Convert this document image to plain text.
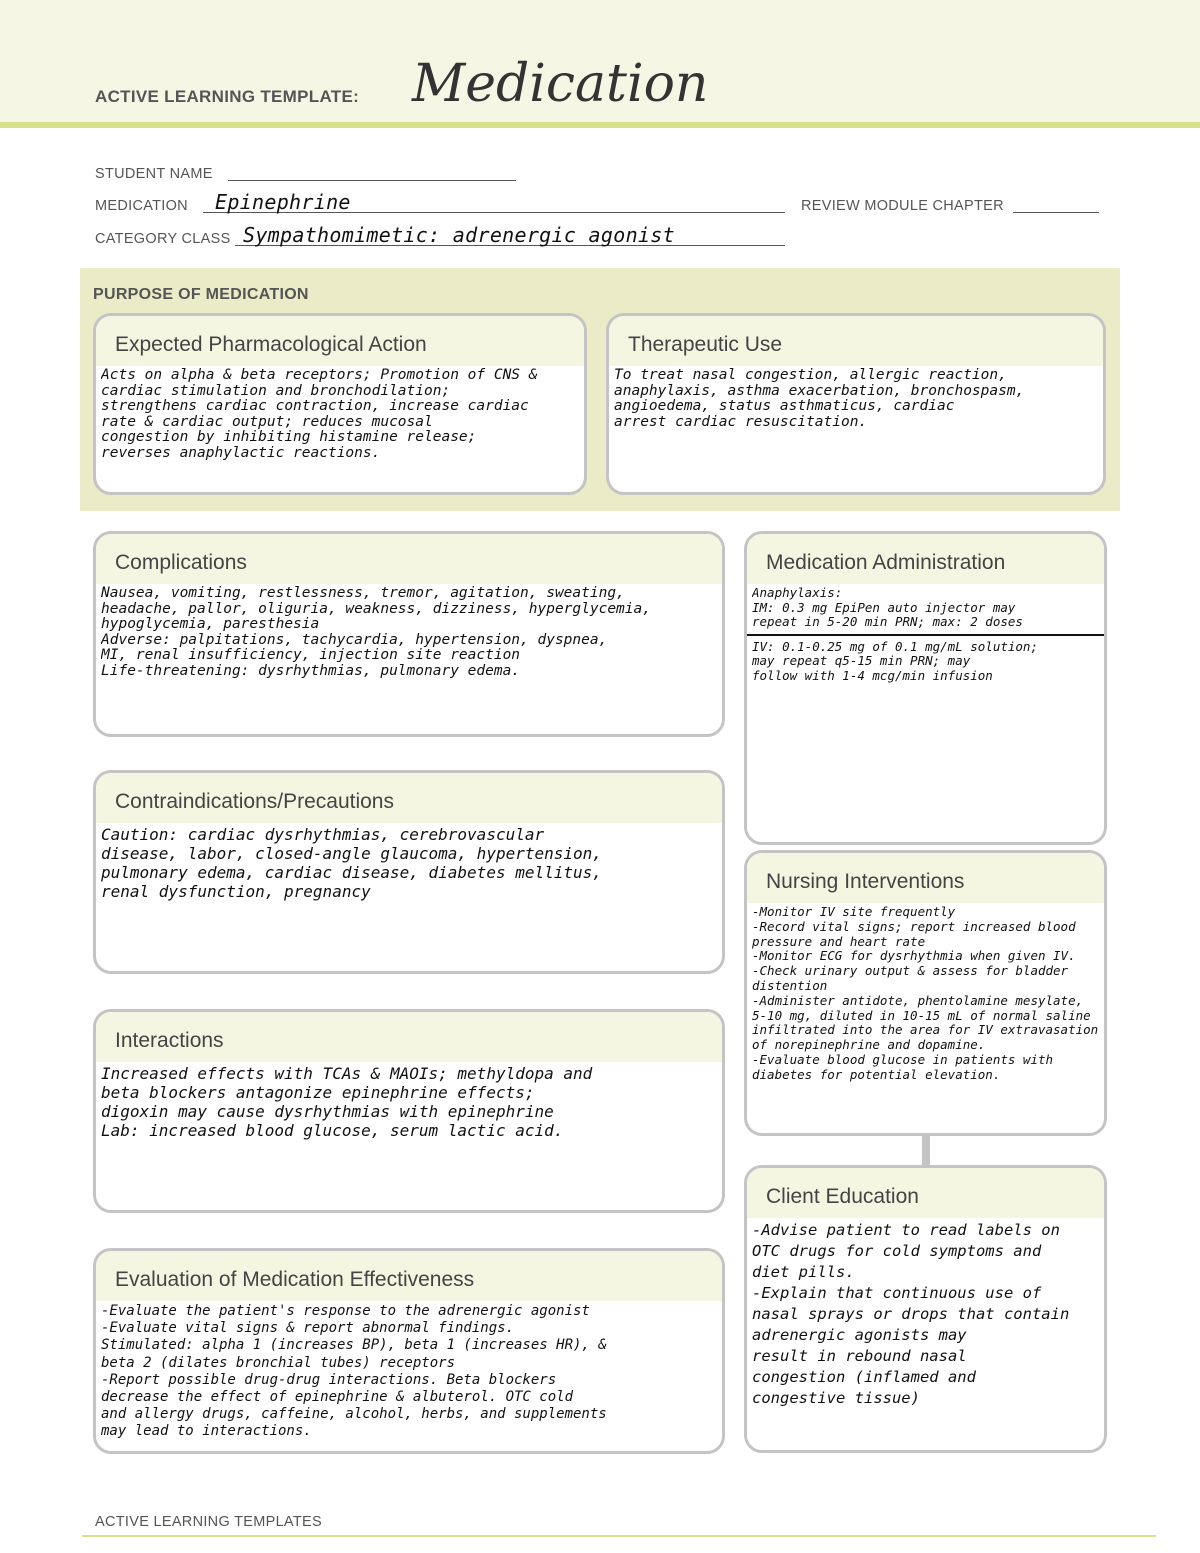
ACTIVE LEARNING TEMPLATE: Medication
STUDENT NAME
MEDICATION Epinephrine	REVIEW MODULE CHAPTER
CATEGORY CLASS Sympathomimetic: adrenergic agonist
PURPOSE OF MEDICATION
Expected Pharmacological Action
Acts on alpha & beta receptors; Promotion of CNS &
cardiac stimulation and bronchodilation;
strengthens cardiac contraction, increase cardiac
rate & cardiac output; reduces mucosal
congestion by inhibiting histamine release;
reverses anaphylactic reactions.
Therapeutic Use
To treat nasal congestion, allergic reaction,
anaphylaxis, asthma exacerbation, bronchospasm,
angioedema, status asthmaticus, cardiac
arrest cardiac resuscitation.
Complications
Nausea, vomiting, restlessness, tremor, agitation, sweating,
headache, pallor, oliguria, weakness, dizziness, hyperglycemia,
hypoglycemia, paresthesia
Adverse: palpitations, tachycardia, hypertension, dyspnea,
MI, renal insufficiency, injection site reaction
Life-threatening: dysrhythmias, pulmonary edema.
Medication Administration
Anaphylaxis:
IM: 0.3 mg EpiPen auto injector may
repeat in 5-20 min PRN; max: 2 doses
IV: 0.1-0.25 mg of 0.1 mg/mL solution;
may repeat q5-15 min PRN; may
follow with 1-4 mcg/min infusion
Contraindications/Precautions
Caution: cardiac dysrhythmias, cerebrovascular
disease, labor, closed-angle glaucoma, hypertension,
pulmonary edema, cardiac disease, diabetes mellitus,
renal dysfunction, pregnancy	Nursing Interventions
-Monitor IV site frequently
-Record vital signs; report increased blood
pressure and heart rate
-Monitor ECG for dysrhythmia when given IV.
-Check urinary output & assess for bladder
distention
-Administer antidote, phentolamine mesylate,
5-10 mg, diluted in 10-15 mL of normal saline
infiltrated into the area for IV extravasation
of norepinephrine and dopamine.
-Evaluate blood glucose in patients with
diabetes for potential elevation.
Interactions
Increased effects with TCAs & MAOIs; methyldopa and
beta blockers antagonize epinephrine effects;
digoxin may cause dysrhythmias with epinephrine
Lab: increased blood glucose, serum lactic acid.
Client Education
-Advise patient to read labels on
OTC drugs for cold symptoms and
diet pills.
-Explain that continuous use of
nasal sprays or drops that contain
adrenergic agonists may
result in rebound nasal
congestion (inflamed and
congestive tissue)
Evaluation of Medication Effectiveness
-Evaluate the patient's response to the adrenergic agonist
-Evaluate vital signs & report abnormal findings.
Stimulated: alpha 1 (increases BP), beta 1 (increases HR), &
beta 2 (dilates bronchial tubes) receptors
-Report possible drug-drug interactions. Beta blockers
decrease the effect of epinephrine & albuterol. OTC cold
and allergy drugs, caffeine, alcohol, herbs, and supplements
may lead to interactions.
ACTIVE LEARNING TEMPLATES
